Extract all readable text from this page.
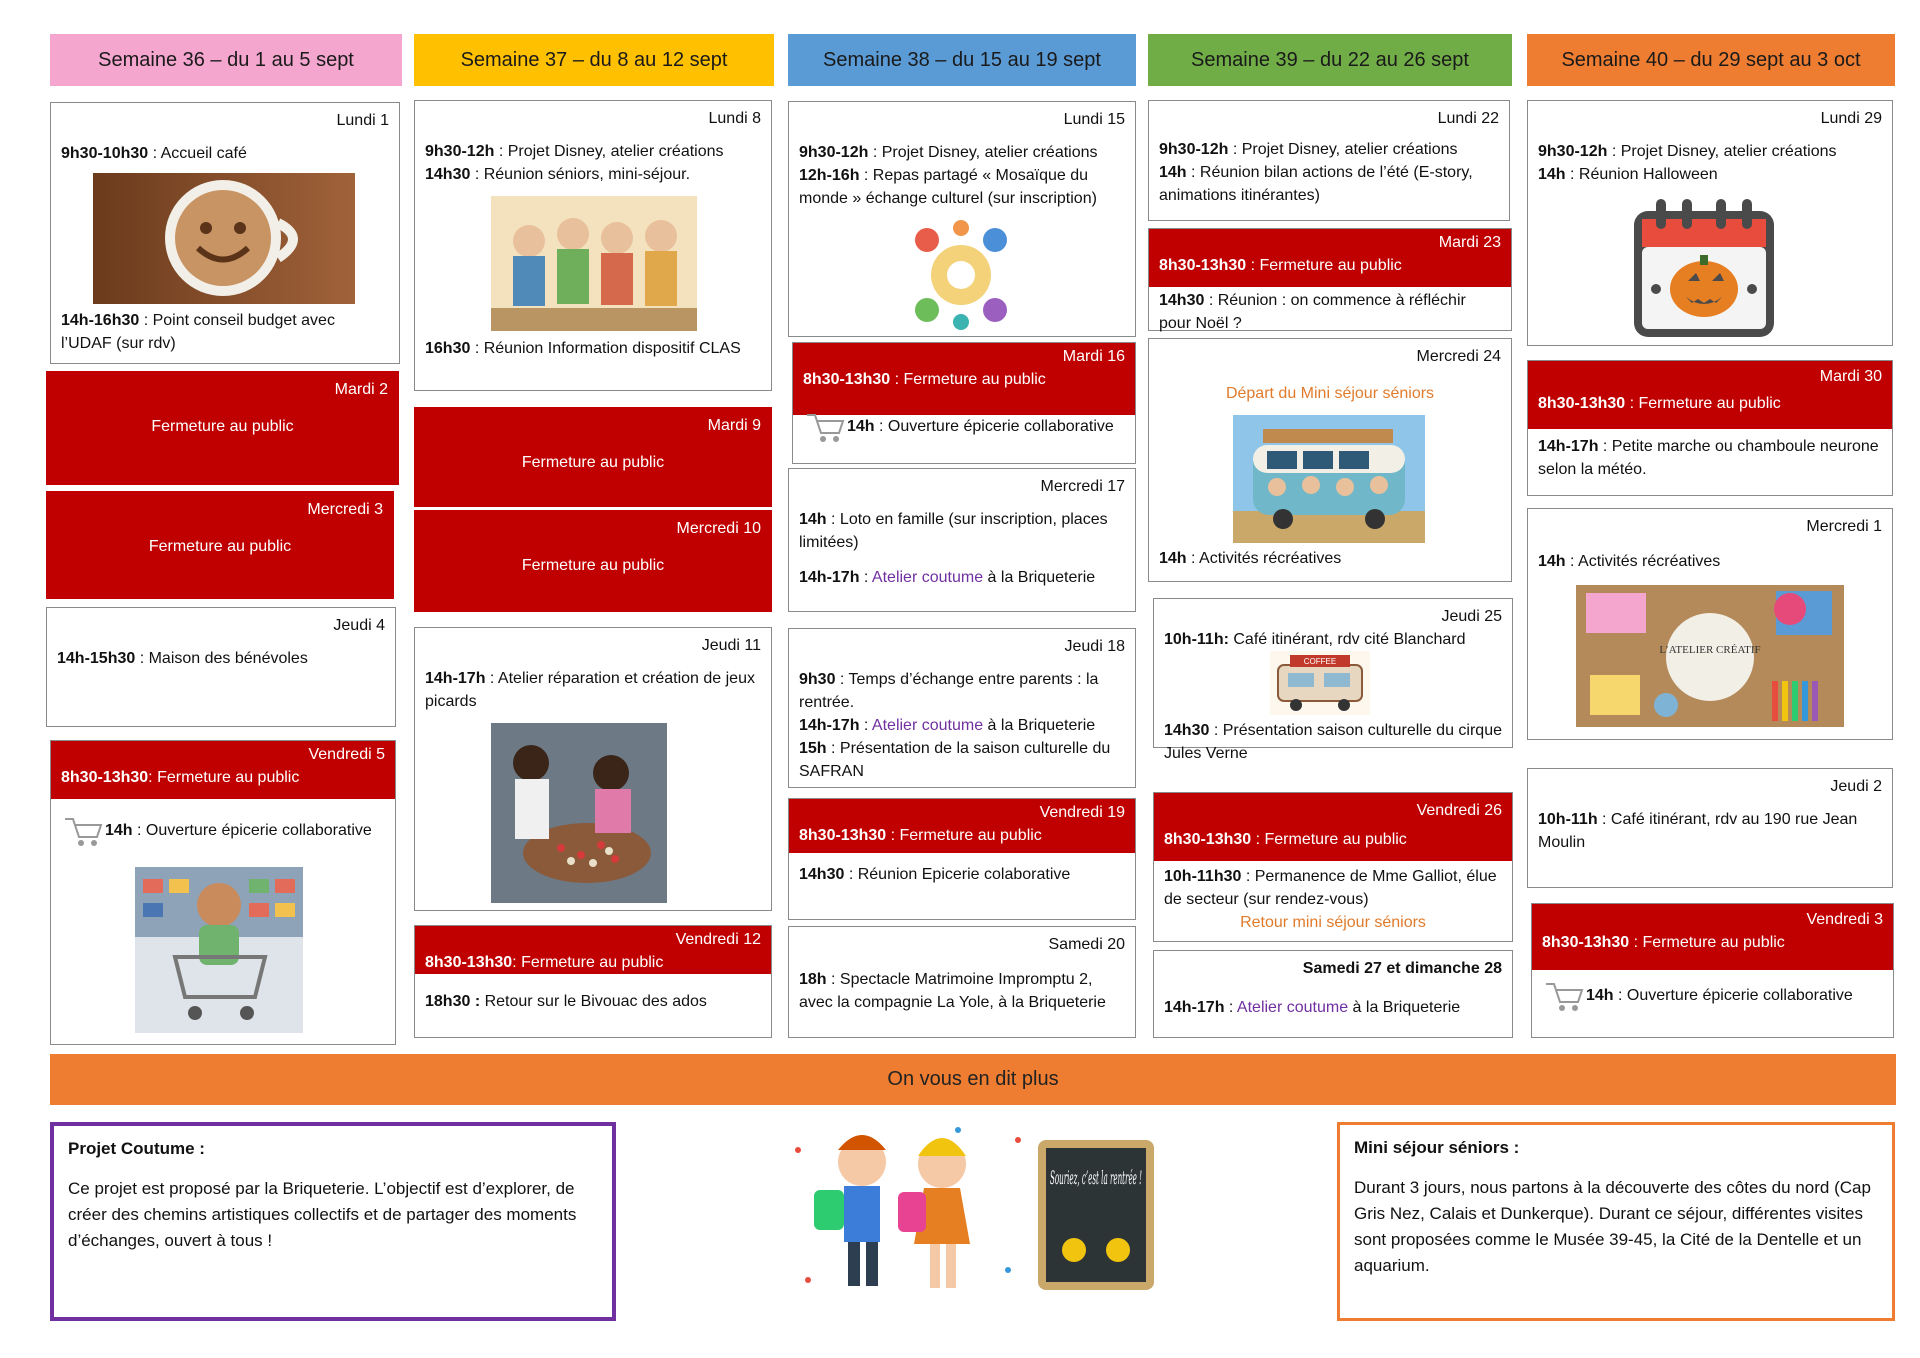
Semaine 36 – du 1 au 5 sept	Semaine 37 – du 8 au 12 sept	Semaine 38 – du 15 au 19 sept	Semaine 39 – du 22 au 26 sept	Semaine 40 – du 29 sept au 3 oct
Lundi 1
9h30-10h30 : Accueil café
14h-16h30 : Point conseil budget avec l’UDAF (sur rdv)
Mardi 2
Fermeture au public
Mercredi 3
Fermeture au public
Jeudi 4
14h-15h30 : Maison des bénévoles
Vendredi 5
8h30-13h30: Fermeture au public
14h : Ouverture épicerie collaborative
Lundi 8
9h30-12h : Projet Disney, atelier créations
14h30 : Réunion séniors, mini-séjour.
16h30 : Réunion Information dispositif CLAS
Mardi 9
Fermeture au public
Mercredi 10
Fermeture au public
Jeudi 11
14h-17h : Atelier réparation et création de jeux picards
Vendredi 12
8h30-13h30: Fermeture au public
18h30 : Retour sur le Bivouac des ados
Lundi 15
9h30-12h : Projet Disney, atelier créations
12h-16h : Repas partagé « Mosaïque du monde » échange culturel (sur inscription)
Mardi 16
8h30-13h30 : Fermeture au public
14h : Ouverture épicerie collaborative
Mercredi 17
14h : Loto en famille (sur inscription, places limitées)
14h-17h : Atelier coutume à la Briqueterie
Jeudi 18
9h30 : Temps d’échange entre parents : la rentrée.
14h-17h : Atelier coutume à la Briqueterie
15h : Présentation de la saison culturelle du SAFRAN
Vendredi 19
8h30-13h30 : Fermeture au public
14h30 : Réunion Epicerie colaborative
Samedi 20
18h : Spectacle Matrimoine Impromptu 2, avec la compagnie La Yole, à la Briqueterie
Lundi 22
9h30-12h : Projet Disney, atelier créations
14h : Réunion bilan actions de l’été (E-story, animations itinérantes)
Mardi 23
8h30-13h30 : Fermeture au public
14h30 : Réunion : on commence à réfléchir pour Noël ?
Mercredi 24
Départ du Mini séjour séniors
14h : Activités récréatives
Jeudi 25
10h-11h: Café itinérant, rdv cité Blanchard
COFFEE
14h30 : Présentation saison culturelle du cirque Jules Verne
Vendredi 26
8h30-13h30 : Fermeture au public
10h-11h30 : Permanence de Mme Galliot, élue de secteur (sur rendez-vous)
Retour mini séjour séniors
Samedi 27 et dimanche 28
14h-17h : Atelier coutume à la Briqueterie
Lundi 29
9h30-12h : Projet Disney, atelier créations
14h : Réunion Halloween
Mardi 30
8h30-13h30 : Fermeture au public
14h-17h : Petite marche ou chamboule neurone selon la météo.
Mercredi 1
14h : Activités récréatives
L’ATELIER CRÉATIF
Jeudi 2
10h-11h : Café itinérant, rdv au 190 rue Jean Moulin
Vendredi 3
8h30-13h30 : Fermeture au public
14h : Ouverture épicerie collaborative
On vous en dit plus
Projet Coutume :
Ce projet est proposé par la Briqueterie. L’objectif est d’explorer, de créer des chemins artistiques collectifs et de partager des moments d’échanges, ouvert à tous !
Souriez, c’est la rentrée !
Mini séjour séniors :
Durant 3 jours, nous partons à la découverte des côtes du nord (Cap Gris Nez, Calais et Dunkerque). Durant ce séjour, différentes visites sont proposées comme le Musée 39-45, la Cité de la Dentelle et un aquarium.
